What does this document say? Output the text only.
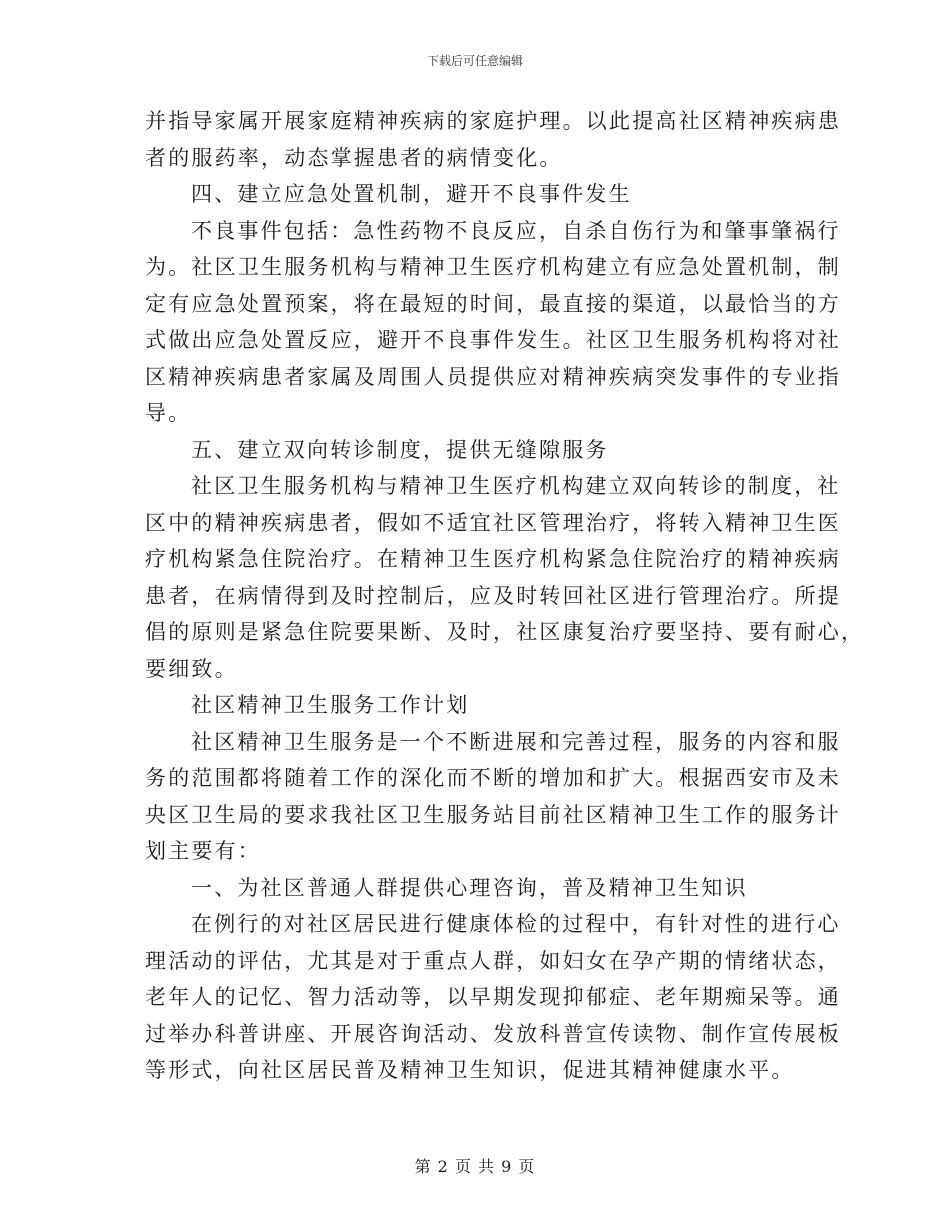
下载后可任意编辑
并指导家属开展家庭精神疾病的家庭护理。以此提高社区精神疾病患
者的服药率，动态掌握患者的病情变化。
四、建立应急处置机制，避开不良事件发生
不良事件包括：急性药物不良反应，自杀自伤行为和肇事肇祸行
为。社区卫生服务机构与精神卫生医疗机构建立有应急处置机制，制
定有应急处置预案，将在最短的时间，最直接的渠道，以最恰当的方
式做出应急处置反应，避开不良事件发生。社区卫生服务机构将对社
区精神疾病患者家属及周围人员提供应对精神疾病突发事件的专业指
导。
五、建立双向转诊制度，提供无缝隙服务
社区卫生服务机构与精神卫生医疗机构建立双向转诊的制度，社
区中的精神疾病患者，假如不适宜社区管理治疗，将转入精神卫生医
疗机构紧急住院治疗。在精神卫生医疗机构紧急住院治疗的精神疾病
患者，在病情得到及时控制后，应及时转回社区进行管理治疗。所提
倡的原则是紧急住院要果断、及时，社区康复治疗要坚持、要有耐心，
要细致。
社区精神卫生服务工作计划
社区精神卫生服务是一个不断进展和完善过程，服务的内容和服
务的范围都将随着工作的深化而不断的增加和扩大。根据西安市及未
央区卫生局的要求我社区卫生服务站目前社区精神卫生工作的服务计
划主要有：
一、为社区普通人群提供心理咨询，普及精神卫生知识
在例行的对社区居民进行健康体检的过程中，有针对性的进行心
理活动的评估，尤其是对于重点人群，如妇女在孕产期的情绪状态，
老年人的记忆、智力活动等，以早期发现抑郁症、老年期痴呆等。通
过举办科普讲座、开展咨询活动、发放科普宣传读物、制作宣传展板
等形式，向社区居民普及精神卫生知识，促进其精神健康水平。
第 2 页 共 9 页
